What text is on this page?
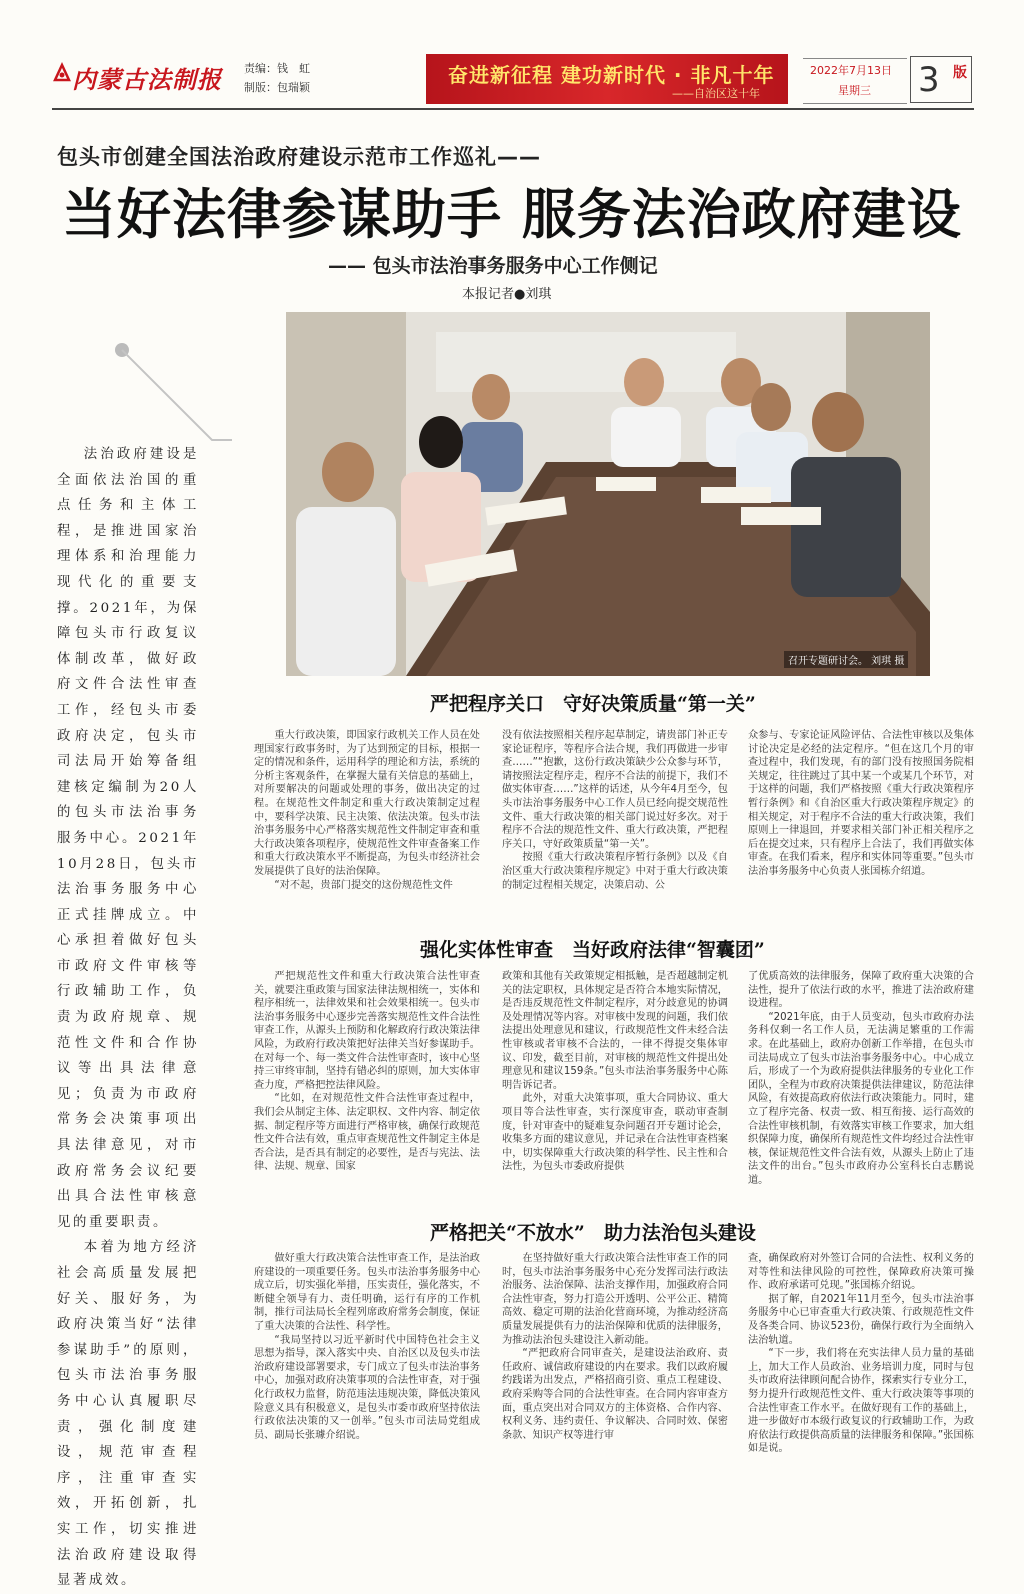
内蒙古法制报 责编：钱　虹
制版：包瑞颖
奋进新征程 建功新时代 · 非凡十年
——自治区这十年
2022年7月13日
星期三 3 版
包头市创建全国法治政府建设示范市工作巡礼——
当好法律参谋助手 服务法治政府建设
—— 包头市法治事务服务中心工作侧记
本报记者●刘琪
召开专题研讨会。 刘琪 摄

法治政府建设是全面依法治国的重点任务和主体工程，是推进国家治理体系和治理能力现代化的重要支撑。2021年，为保障包头市行政复议体制改革，做好政府文件合法性审查工作，经包头市委政府决定，包头市司法局开始筹备组建核定编制为20人的包头市法治事务服务中心。2021年10月28日，包头市法治事务服务中心正式挂牌成立。中心承担着做好包头市政府文件审核等行政辅助工作，负责为政府规章、规范性文件和合作协议等出具法律意见；负责为市政府常务会决策事项出具法律意见，对市政府常务会议纪要出具合法性审核意见的重要职责。

本着为地方经济社会高质量发展把好关、服好务，为政府决策当好“法律参谋助手”的原则，包头市法治事务服务中心认真履职尽责，强化制度建设，规范审查程序，注重审查实效，开拓创新，扎实工作，切实推进法治政府建设取得显著成效。

严把程序关口　守好决策质量“第一关”

重大行政决策，即国家行政机关工作人员在处理国家行政事务时，为了达到预定的目标，根据一定的情况和条件，运用科学的理论和方法，系统的分析主客观条件，在掌握大量有关信息的基础上，对所要解决的问题或处理的事务，做出决定的过程。在规范性文件制定和重大行政决策制定过程中，要科学决策、民主决策、依法决策。包头市法治事务服务中心严格落实规范性文件制定审查和重大行政决策各项程序，使规范性文件审查备案工作和重大行政决策水平不断提高，为包头市经济社会发展提供了良好的法治保障。

“对不起，贵部门提交的这份规范性文件

没有依法按照相关程序起草制定，请贵部门补正专家论证程序，等程序合法合规，我们再做进一步审查……”“抱歉，这份行政决策缺少公众参与环节，请按照法定程序走，程序不合法的前提下，我们不做实体审查……”这样的话述，从今年4月至今，包头市法治事务服务中心工作人员已经向提交规范性文件、重大行政决策的相关部门说过好多次。对于程序不合法的规范性文件、重大行政决策，严把程序关口，守好政策质量“第一关”。

按照《重大行政决策程序暂行条例》以及《自治区重大行政决策程序规定》中对于重大行政决策的制定过程相关规定，决策启动、公

众参与、专家论证风险评估、合法性审核以及集体讨论决定是必经的法定程序。“但在这几个月的审查过程中，我们发现，有的部门没有按照国务院相关规定，往往跳过了其中某一个或某几个环节，对于这样的问题，我们严格按照《重大行政决策程序暂行条例》和《自治区重大行政决策程序规定》的相关规定，对于程序不合法的重大行政决策，我们原则上一律退回，并要求相关部门补正相关程序之后在提交过来，只有程序上合法了，我们再做实体审查。在我们看来，程序和实体同等重要。”包头市法治事务服务中心负责人张国栋介绍道。

强化实体性审查　当好政府法律“智囊团”

严把规范性文件和重大行政决策合法性审查关，就要注重政策与国家法律法规相统一，实体和程序相统一，法律效果和社会效果相统一。包头市法治事务服务中心逐步完善落实规范性文件合法性审查工作，从源头上预防和化解政府行政决策法律风险，为政府行政决策把好法律关当好参谋助手。在对每一个、每一类文件合法性审查时，该中心坚持三审终审制，坚持有错必纠的原则，加大实体审查力度，严格把控法律风险。

“比如，在对规范性文件合法性审查过程中，我们会从制定主体、法定职权、文件内容、制定依据、制定程序等方面进行严格审核，确保行政规范性文件合法有效，重点审查规范性文件制定主体是否合法，是否具有制定的必要性，是否与宪法、法律、法规、规章、国家

政策和其他有关政策规定相抵触，是否超越制定机关的法定职权，具体规定是否符合本地实际情况，是否违反规范性文件制定程序，对分歧意见的协调及处理情况等内容。对审核中发现的问题，我们依法提出处理意见和建议，行政规范性文件未经合法性审核或者审核不合法的，一律不得提交集体审议、印发，截至目前，对审核的规范性文件提出处理意见和建议159条。”包头市法治事务服务中心陈明告诉记者。

此外，对重大决策事项，重大合同协议、重大项目等合法性审查，实行深度审查，联动审查制度，针对审查中的疑难复杂问题召开专题讨论会，收集多方面的建议意见，并记录在合法性审查档案中，切实保障重大行政决策的科学性、民主性和合法性，为包头市委政府提供

了优质高效的法律服务，保障了政府重大决策的合法性，提升了依法行政的水平，推进了法治政府建设进程。

“2021年底，由于人员变动，包头市政府办法务科仅剩一名工作人员，无法满足繁重的工作需求。在此基础上，政府办创新工作举措，在包头市司法局成立了包头市法治事务服务中心。中心成立后，形成了一个为政府提供法律服务的专业化工作团队，全程为市政府决策提供法律建议，防范法律风险，有效提高政府依法行政决策能力。同时，建立了程序完备、权责一致、相互衔接、运行高效的合法性审核机制，有效落实审核工作要求，加大组织保障力度，确保所有规范性文件均经过合法性审核，保证规范性文件合法有效，从源头上防止了违法文件的出台。”包头市政府办公室科长白志鹏说道。

严格把关“不放水”　助力法治包头建设

做好重大行政决策合法性审查工作，是法治政府建设的一项重要任务。包头市法治事务服务中心成立后，切实强化举措，压实责任，强化落实，不断健全领导有力、责任明确，运行有序的工作机制，推行司法局长全程列席政府常务会制度，保证了重大决策的合法性、科学性。

“我局坚持以习近平新时代中国特色社会主义思想为指导，深入落实中央、自治区以及包头市法治政府建设部署要求，专门成立了包头市法治事务中心，加强对政府决策事项的合法性审查，对于强化行政权力监督，防范违法违规决策，降低决策风险意义具有积极意义，是包头市委市政府坚持依法行政依法决策的又一创举。”包头市司法局党组成员、副局长张璩介绍说。

在坚持做好重大行政决策合法性审查工作的同时，包头市法治事务服务中心充分发挥司法行政法治服务、法治保障、法治支撑作用，加强政府合同合法性审查，努力打造公开透明、公平公正、精简高效、稳定可期的法治化营商环境，为推动经济高质量发展提供有力的法治保障和优质的法律服务，为推动法治包头建设注入新动能。

“严把政府合同审查关，是建设法治政府、责任政府、诚信政府建设的内在要求。我们以政府履约践诺为出发点，严格招商引资、重点工程建设、政府采购等合同的合法性审查。在合同内容审查方面，重点突出对合同双方的主体资格、合作内容、权利义务、违约责任、争议解决、合同时效、保密条款、知识产权等进行审

查，确保政府对外签订合同的合法性、权利义务的对等性和法律风险的可控性，保障政府决策可操作、政府承诺可兑现。”张国栋介绍说。

据了解，自2021年11月至今，包头市法治事务服务中心已审查重大行政决策、行政规范性文件及各类合同、协议523份，确保行政行为全面纳入法治轨道。

“下一步，我们将在充实法律人员力量的基础上，加大工作人员政治、业务培训力度，同时与包头市政府法律顾问配合协作，探索实行专业分工，努力提升行政规范性文件、重大行政决策等事项的合法性审查工作水平。在做好现有工作的基础上，进一步做好市本级行政复议的行政辅助工作，为政府依法行政提供高质量的法律服务和保障。”张国栋如是说。
